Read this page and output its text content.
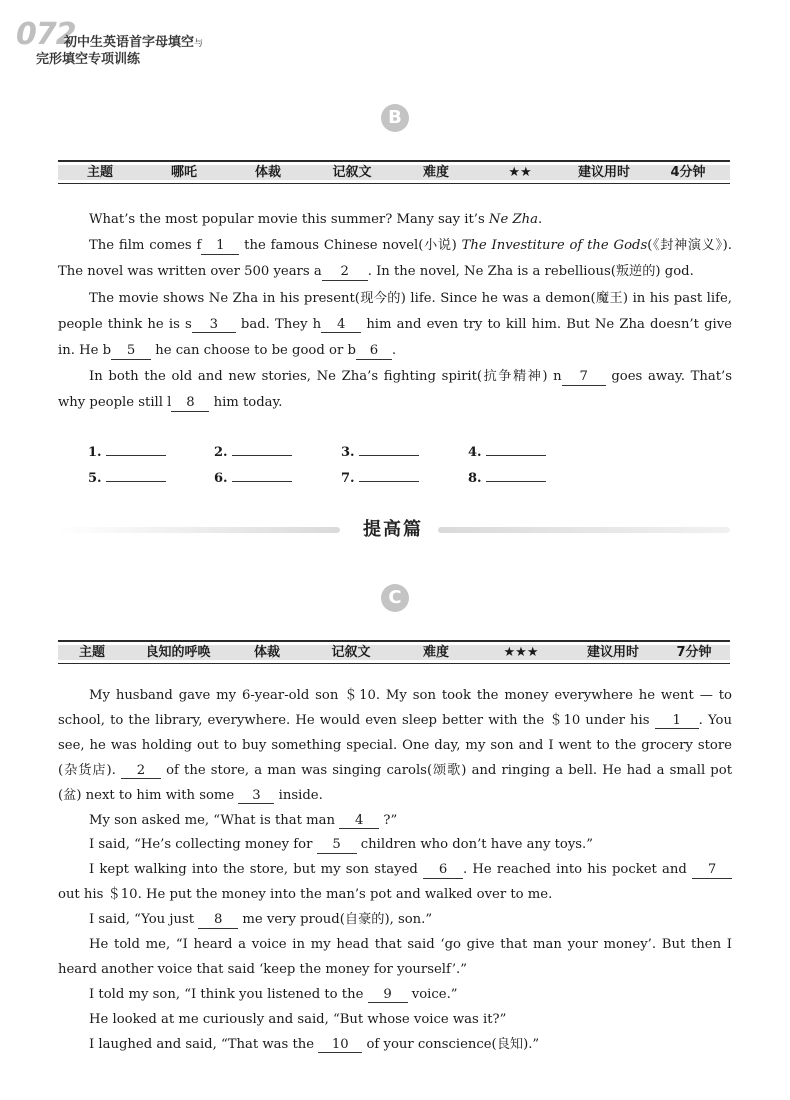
072
初中生英语首字母填空与
完形填空专项训练
B
主题	哪吒	体裁	记叙文	难度	★★	建议用时	4分钟

What’s the most popular movie this summer? Many say it’s Ne Zha.

The film comes f 1 the famous Chinese novel(小说) The Investiture of the Gods(《封神演义》). The novel was written over 500 years a 2 . In the novel, Ne Zha is a rebellious(叛逆的) god.

The movie shows Ne Zha in his present(现今的) life. Since he was a demon(魔王) in his past life, people think he is s 3 bad. They h 4 him and even try to kill him. But Ne Zha doesn’t give in. He b 5 he can choose to be good or b 6 .

In both the old and new stories, Ne Zha’s fighting spirit(抗争精神) n 7 goes away. That’s why people still l 8 him today.

1.	2.	3.	4.
5.	6.	7.	8.
提高篇
C
主题	良知的呼唤	体裁	记叙文	难度	★★★	建议用时	7分钟

My husband gave my 6-year-old son ＄10. My son took the money everywhere he went — to school, to the library, everywhere. He would even sleep better with the ＄10 under his 1 . You see, he was holding out to buy something special. One day, my son and I went to the grocery store (杂货店). 2 of the store, a man was singing carols(颂歌) and ringing a bell. He had a small pot (盆) next to him with some 3 inside.

My son asked me, “What is that man 4 ?”

I said, “He’s collecting money for 5 children who don’t have any toys.”

I kept walking into the store, but my son stayed 6 . He reached into his pocket and 7 out his ＄10. He put the money into the man’s pot and walked over to me.

I said, “You just 8 me very proud(自豪的), son.”

He told me, “I heard a voice in my head that said ‘go give that man your money’. But then I heard another voice that said ‘keep the money for yourself’.”

I told my son, “I think you listened to the 9 voice.”

He looked at me curiously and said, “But whose voice was it?”

I laughed and said, “That was the 10 of your conscience(良知).”
